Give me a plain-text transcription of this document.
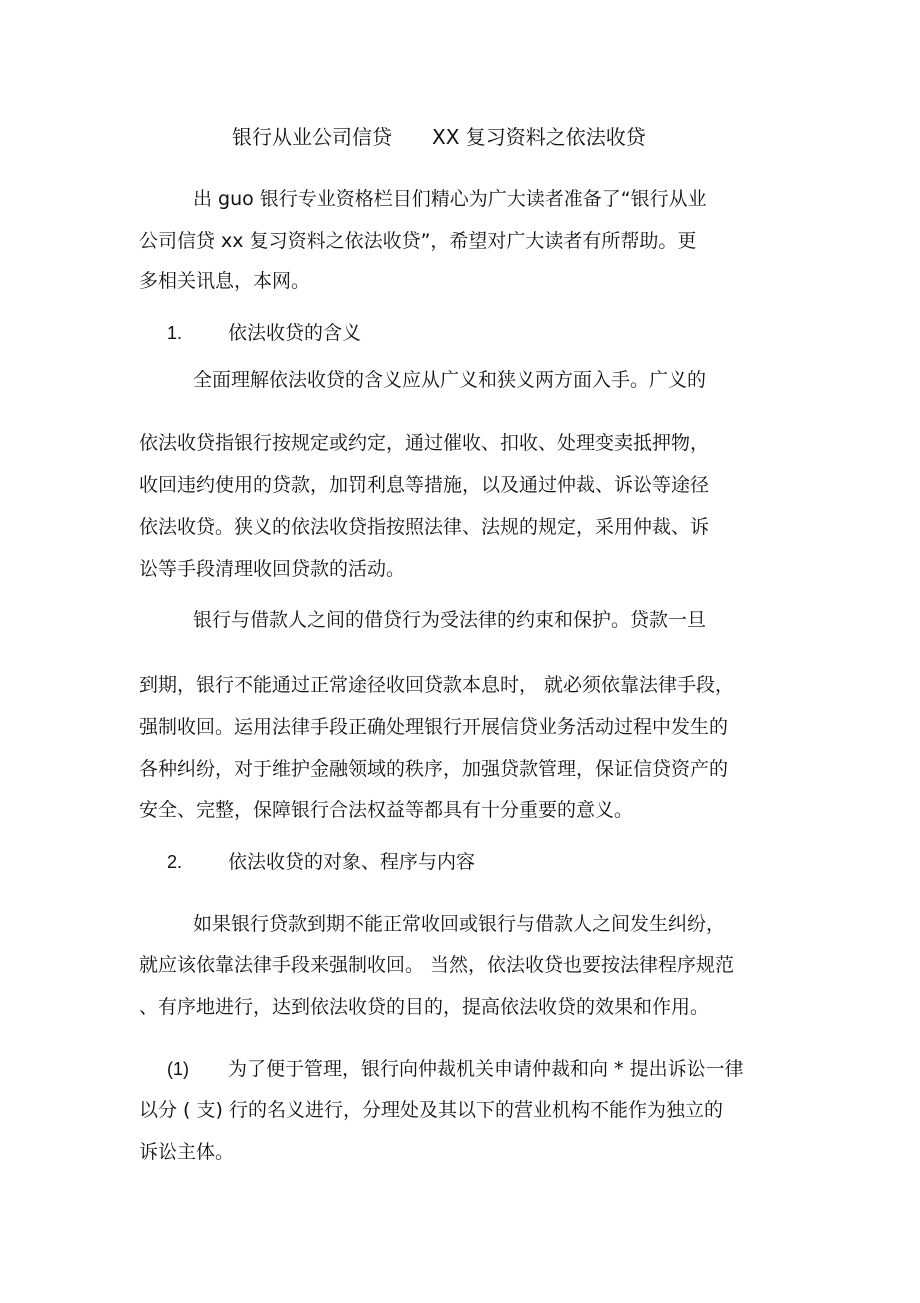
银行从业公司信贷 XX 复习资料之依法收贷
出 guo 银行专业资格栏目们精心为广大读者准备了“银行从业
公司信贷 xx 复习资料之依法收贷”，希望对广大读者有所帮助。更
多相关讯息，本网。
1. 依法收贷的含义
全面理解依法收贷的含义应从广义和狭义两方面入手。广义的
依法收贷指银行按规定或约定，通过催收、扣收、处理变卖抵押物，
收回违约使用的贷款，加罚利息等措施，以及通过仲裁、诉讼等途径
依法收贷。狭义的依法收贷指按照法律、法规的规定，采用仲裁、诉
讼等手段清理收回贷款的活动。
银行与借款人之间的借贷行为受法律的约束和保护。贷款一旦
到期，银行不能通过正常途径收回贷款本息时， 就必须依靠法律手段，
强制收回。运用法律手段正确处理银行开展信贷业务活动过程中发生的
各种纠纷，对于维护金融领域的秩序，加强贷款管理，保证信贷资产的
安全、完整，保障银行合法权益等都具有十分重要的意义。
2. 依法收贷的对象、程序与内容
如果银行贷款到期不能正常收回或银行与借款人之间发生纠纷，
就应该依靠法律手段来强制收回。 当然，依法收贷也要按法律程序规范
、有序地进行，达到依法收贷的目的，提高依法收贷的效果和作用。
(1) 为了便于管理，银行向仲裁机关申请仲裁和向 * 提出诉讼一律
以分 ( 支) 行的名义进行，分理处及其以下的营业机构不能作为独立的
诉讼主体。
